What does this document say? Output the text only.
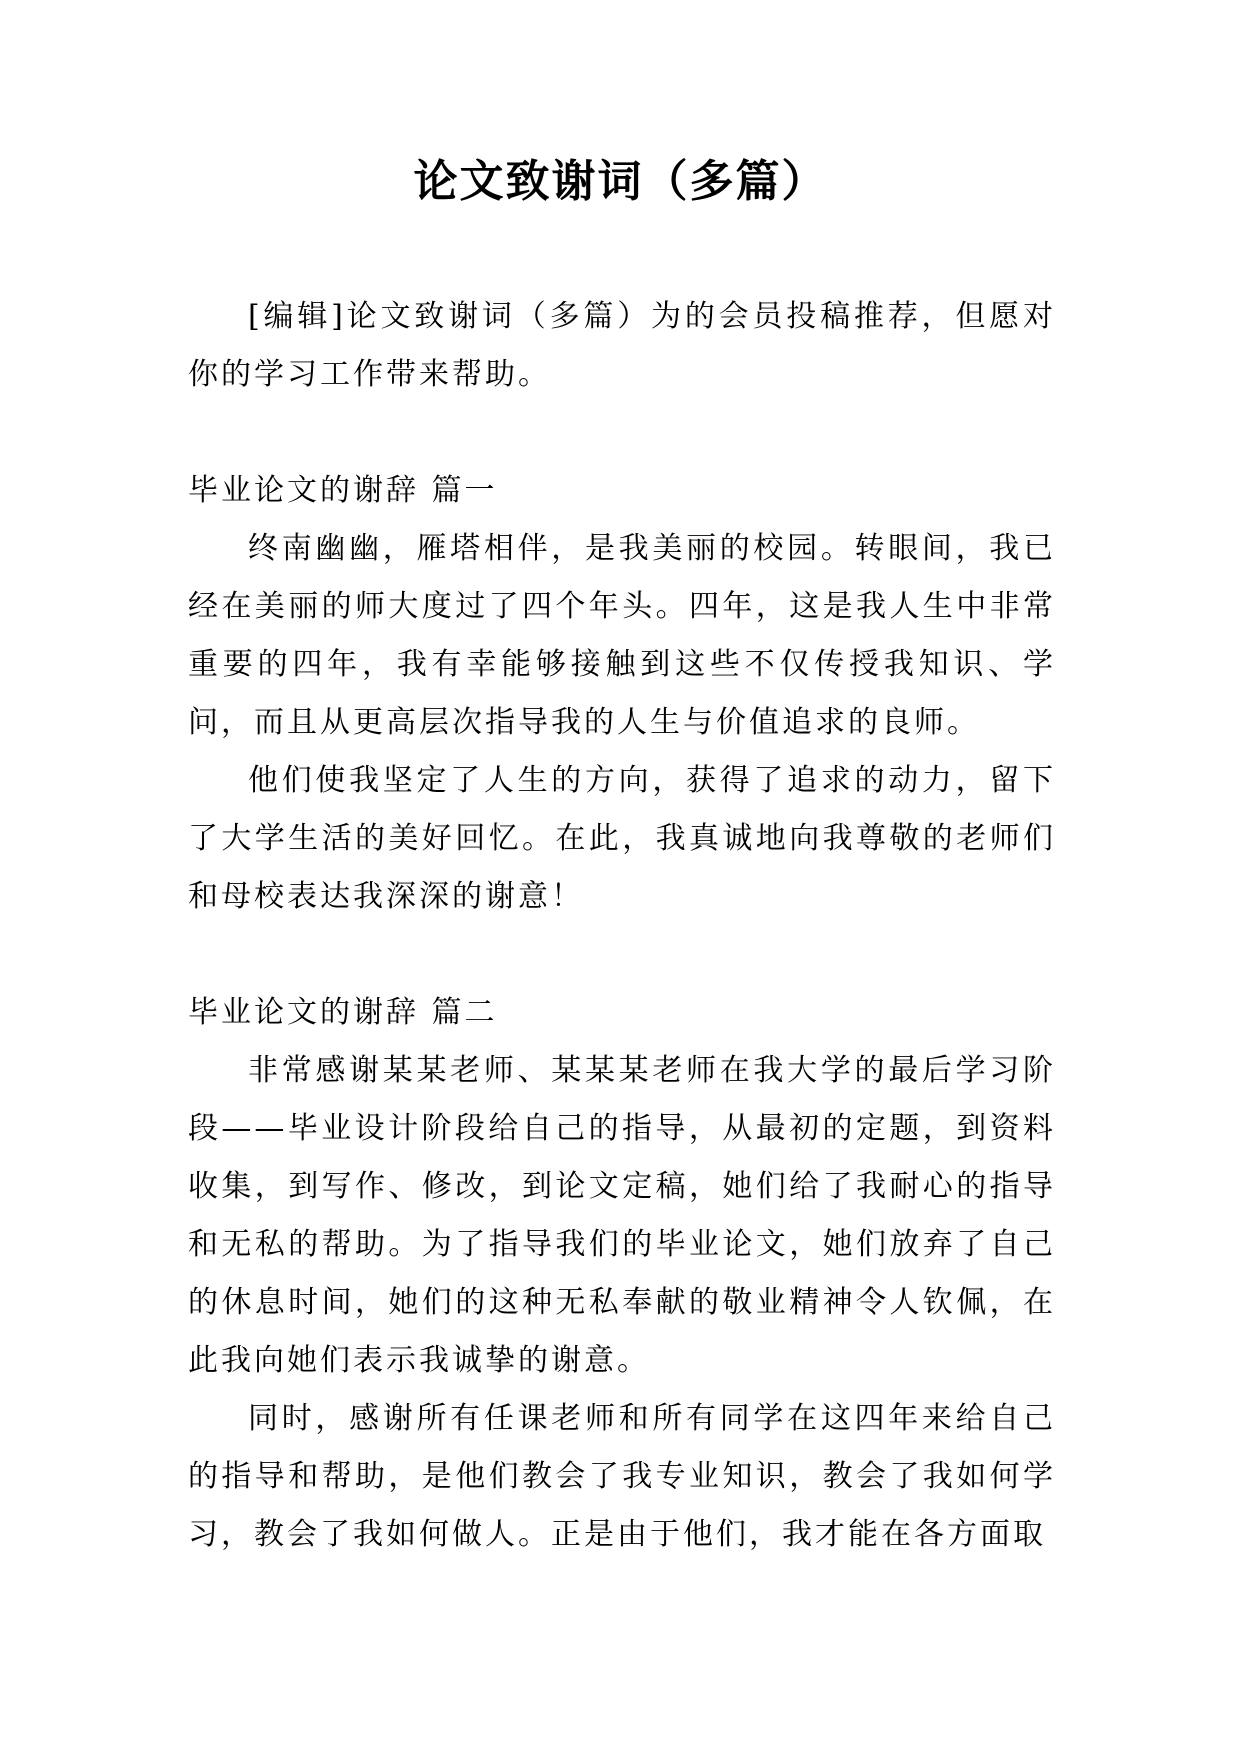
论文致谢词（多篇）

[编辑]论文致谢词（多篇）为的会员投稿推荐，但愿对你的学习工作带来帮助。

毕业论文的谢辞 篇一

终南幽幽，雁塔相伴，是我美丽的校园。转眼间，我已经在美丽的师大度过了四个年头。四年，这是我人生中非常重要的四年，我有幸能够接触到这些不仅传授我知识、学问，而且从更高层次指导我的人生与价值追求的良师。

他们使我坚定了人生的方向，获得了追求的动力，留下了大学生活的美好回忆。在此，我真诚地向我尊敬的老师们和母校表达我深深的谢意！

毕业论文的谢辞 篇二

非常感谢某某老师、某某某老师在我大学的最后学习阶段——毕业设计阶段给自己的指导，从最初的定题，到资料收集，到写作、修改，到论文定稿，她们给了我耐心的指导和无私的帮助。为了指导我们的毕业论文，她们放弃了自己的休息时间，她们的这种无私奉献的敬业精神令人钦佩，在此我向她们表示我诚挚的谢意。

同时，感谢所有任课老师和所有同学在这四年来给自己的指导和帮助，是他们教会了我专业知识，教会了我如何学习，教会了我如何做人。正是由于他们，我才能在各方面取
